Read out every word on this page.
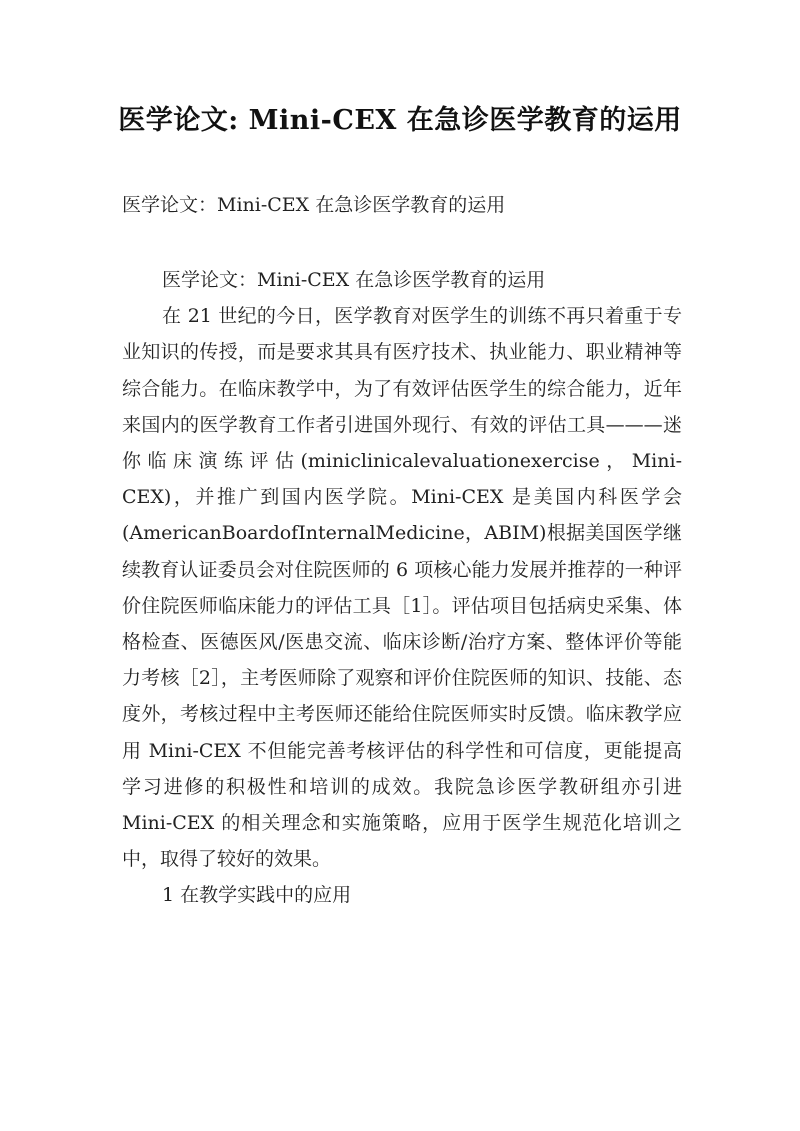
医学论文: Mini-CEX 在急诊医学教育的运用

医学论文：Mini-CEX 在急诊医学教育的运用

医学论文：Mini-CEX 在急诊医学教育的运用

在 21 世纪的今日，医学教育对医学生的训练不再只着重于专业知识的传授，而是要求其具有医疗技术、执业能力、职业精神等综合能力。在临床教学中，为了有效评估医学生的综合能力，近年来国内的医学教育工作者引进国外现行、有效的评估工具———迷你临床演练评估(miniclinicalevaluationexercise，Mini-CEX)，并推广到国内医学院。Mini-CEX 是美国内科医学会(AmericanBoardofInternalMedicine，ABIM)根据美国医学继续教育认证委员会对住院医师的 6 项核心能力发展并推荐的一种评价住院医师临床能力的评估工具［1］。评估项目包括病史采集、体格检查、医德医风/医患交流、临床诊断/治疗方案、整体评价等能力考核［2］，主考医师除了观察和评价住院医师的知识、技能、态度外，考核过程中主考医师还能给住院医师实时反馈。临床教学应用 Mini-CEX 不但能完善考核评估的科学性和可信度，更能提高学习进修的积极性和培训的成效。我院急诊医学教研组亦引进 Mini-CEX 的相关理念和实施策略，应用于医学生规范化培训之中，取得了较好的效果。

1 在教学实践中的应用
